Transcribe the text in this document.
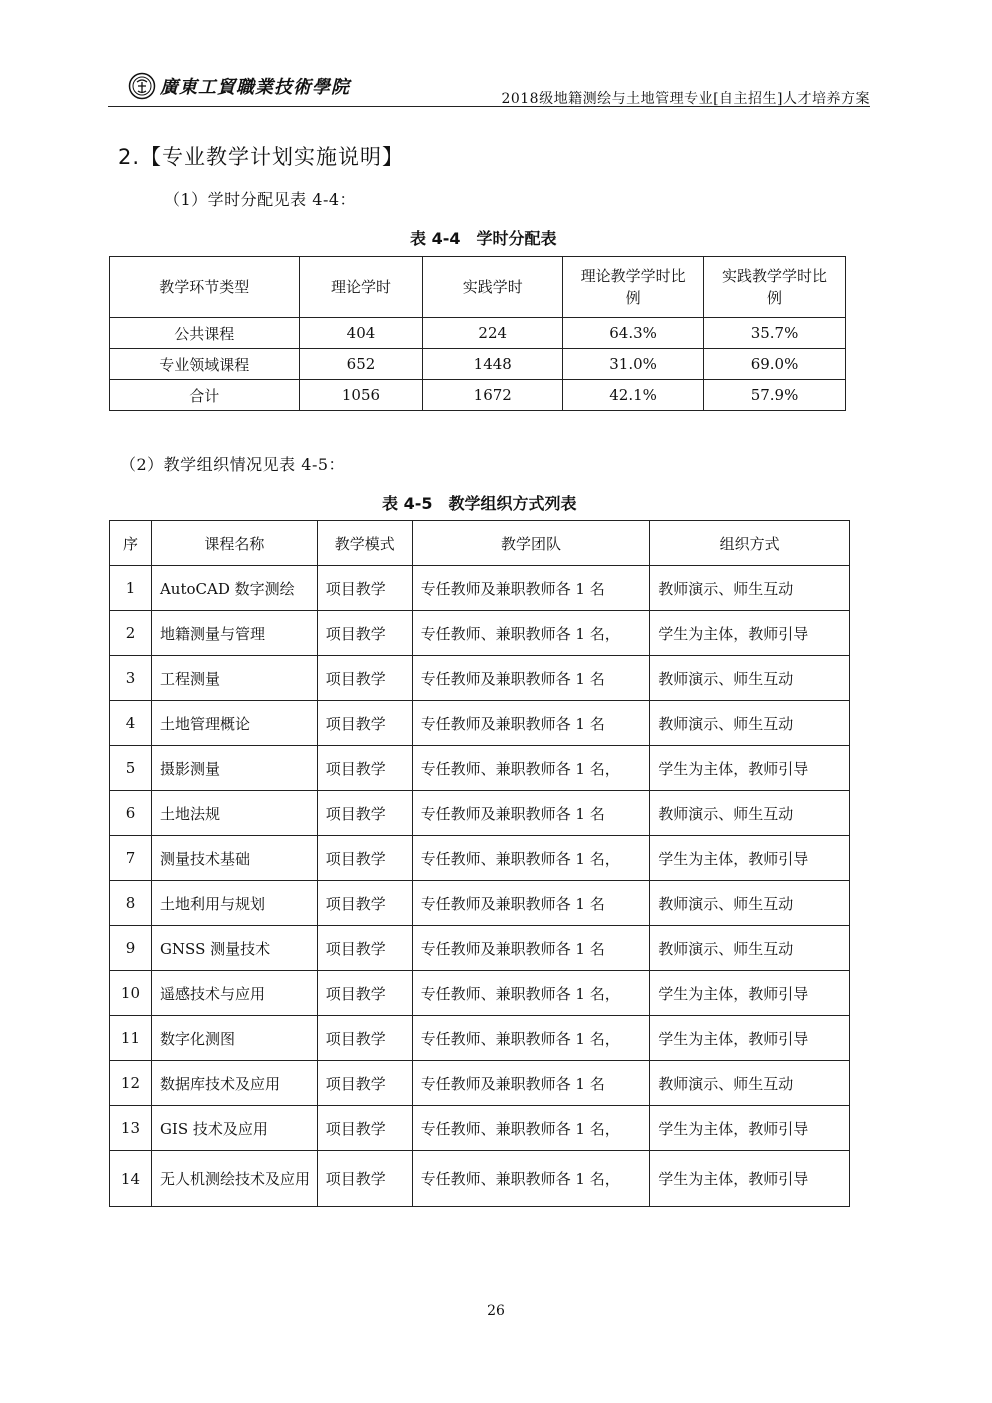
廣東工貿職業技術學院
2018级地籍测绘与土地管理专业[自主招生]人才培养方案
2.【专业教学计划实施说明】
（1）学时分配见表 4-4：
表 4-4　学时分配表
教学环节类型	理论学时	实践学时	理论教学学时比例	实践教学学时比例
公共课程	404	224	64.3%	35.7%
专业领域课程	652	1448	31.0%	69.0%
合计	1056	1672	42.1%	57.9%
（2）教学组织情况见表 4-5：
表 4-5　教学组织方式列表
序	课程名称	教学模式	教学团队	组织方式
1	AutoCAD 数字测绘	项目教学	专任教师及兼职教师各 1 名	教师演示、师生互动
2	地籍测量与管理	项目教学	专任教师、兼职教师各 1 名，	学生为主体，教师引导
3	工程测量	项目教学	专任教师及兼职教师各 1 名	教师演示、师生互动
4	土地管理概论	项目教学	专任教师及兼职教师各 1 名	教师演示、师生互动
5	摄影测量	项目教学	专任教师、兼职教师各 1 名，	学生为主体，教师引导
6	土地法规	项目教学	专任教师及兼职教师各 1 名	教师演示、师生互动
7	测量技术基础	项目教学	专任教师、兼职教师各 1 名，	学生为主体，教师引导
8	土地利用与规划	项目教学	专任教师及兼职教师各 1 名	教师演示、师生互动
9	GNSS 测量技术	项目教学	专任教师及兼职教师各 1 名	教师演示、师生互动
10	遥感技术与应用	项目教学	专任教师、兼职教师各 1 名，	学生为主体，教师引导
11	数字化测图	项目教学	专任教师、兼职教师各 1 名，	学生为主体，教师引导
12	数据库技术及应用	项目教学	专任教师及兼职教师各 1 名	教师演示、师生互动
13	GIS 技术及应用	项目教学	专任教师、兼职教师各 1 名，	学生为主体，教师引导
14	无人机测绘技术及应用	项目教学	专任教师、兼职教师各 1 名，	学生为主体，教师引导
26
